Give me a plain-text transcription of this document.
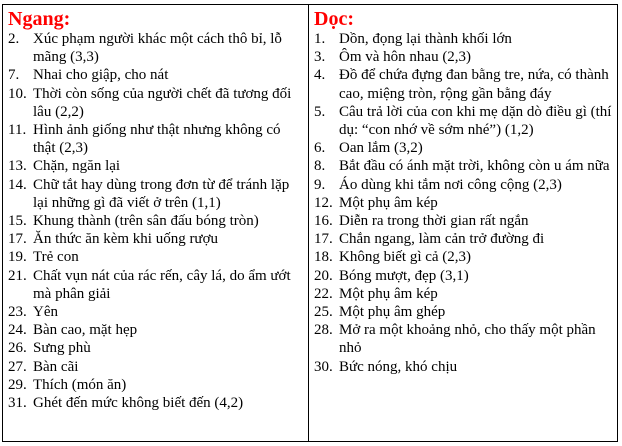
Ngang:
2. Xúc phạm người khác một cách thô bỉ, lỗ mãng (3,3)
7. Nhai cho giập, cho nát
10. Thời còn sống của người chết đã tương đối lâu (2,2)
11. Hình ảnh giống như thật nhưng không có thật (2,3)
13. Chặn, ngăn lại
14. Chữ tắt hay dùng trong đơn từ để tránh lặp lại những gì đã viết ở trên (1,1)
15. Khung thành (trên sân đấu bóng tròn)
17. Ăn thức ăn kèm khi uống rượu
19. Trẻ con
21. Chất vụn nát của rác rến, cây lá, do ẩm ướt mà phân giải
23. Yên
24. Bàn cao, mặt hẹp
26. Sưng phù
27. Bàn cãi
29. Thích (món ăn)
31. Ghét đến mức không biết đến (4,2)
Dọc:
1. Dồn, đọng lại thành khối lớn
3. Ôm và hôn nhau (2,3)
4. Đồ để chứa đựng đan bằng tre, nứa, có thành cao, miệng tròn, rộng gần bằng đáy
5. Câu trả lời của con khi mẹ dặn dò điều gì (thí dụ: “con nhớ về sớm nhé”) (1,2)
6. Oan lắm (3,2)
8. Bắt đầu có ánh mặt trời, không còn u ám nữa
9. Áo dùng khi tắm nơi công cộng (2,3)
12. Một phụ âm kép
16. Diễn ra trong thời gian rất ngắn
17. Chắn ngang, làm cản trở đường đi
18. Không biết gì cả (2,3)
20. Bóng mượt, đẹp (3,1)
22. Một phụ âm kép
25. Một phụ âm ghép
28. Mở ra một khoảng nhỏ, cho thấy một phần nhỏ
30. Bức nóng, khó chịu
